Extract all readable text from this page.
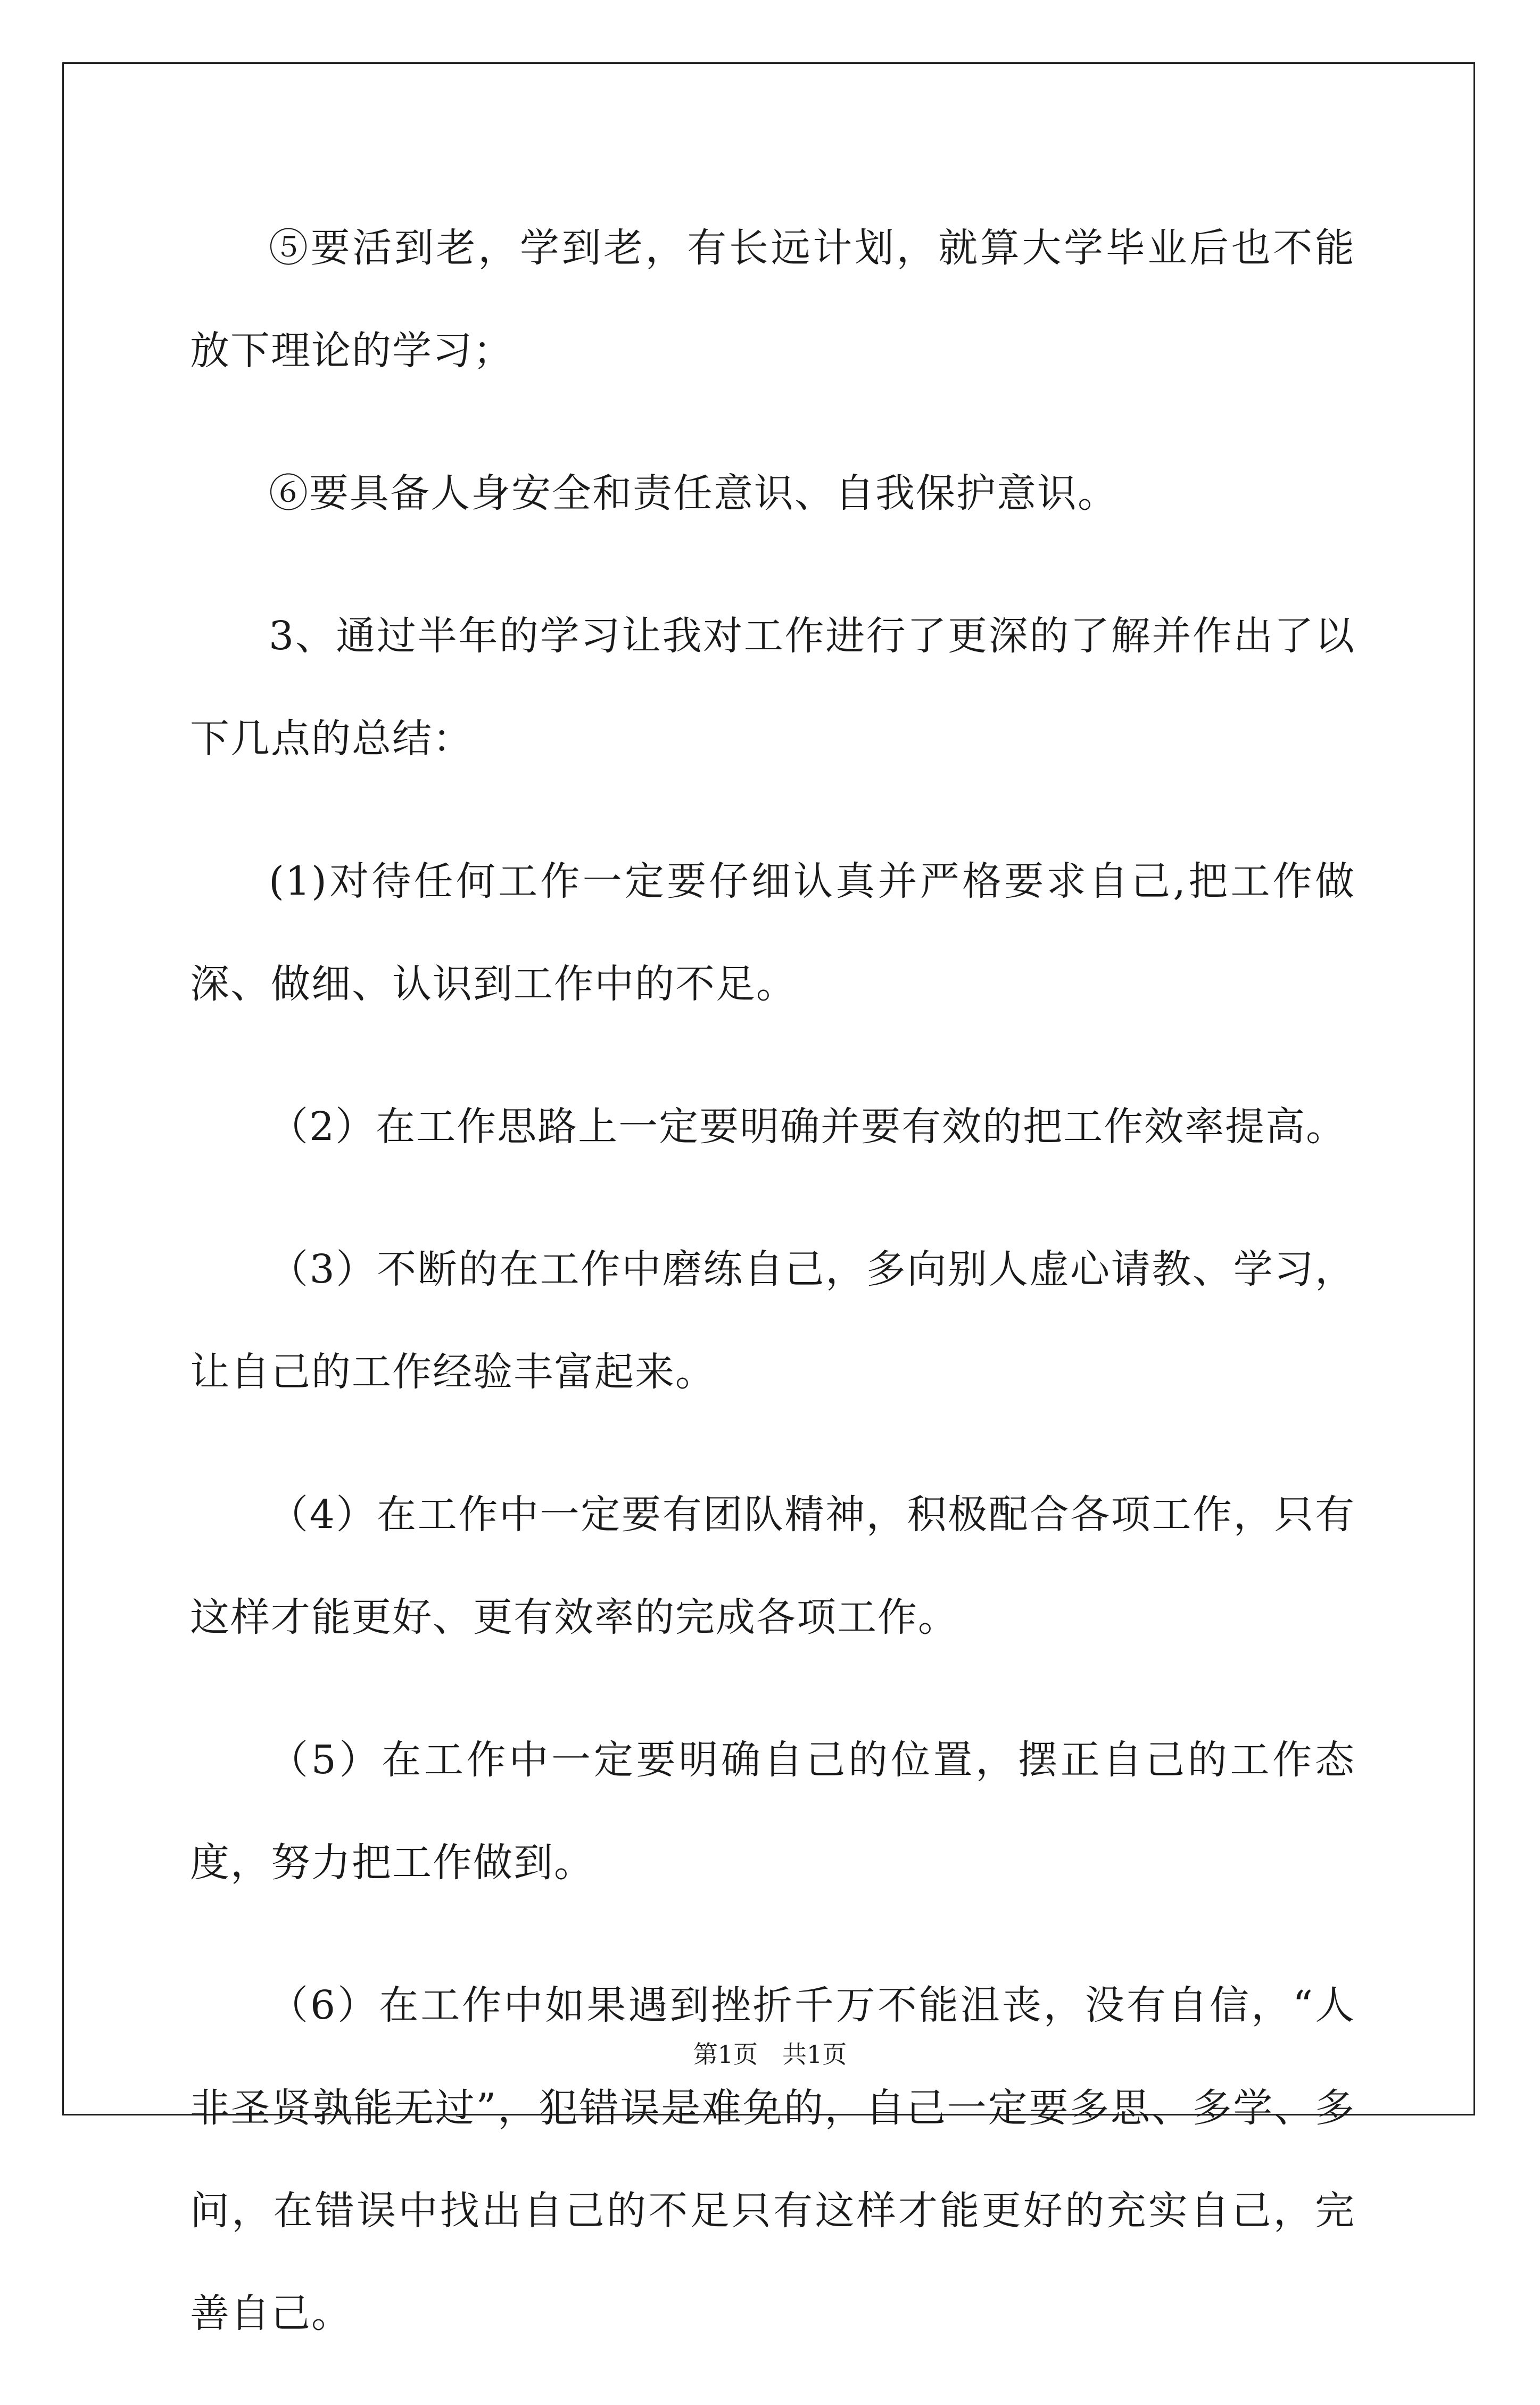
⑤要活到老，学到老，有长远计划，就算大学毕业后也不能放下理论的学习；

⑥要具备人身安全和责任意识、自我保护意识。

3、通过半年的学习让我对工作进行了更深的了解并作出了以下几点的总结：

(1)对待任何工作一定要仔细认真并严格要求自己,把工作做深、做细、认识到工作中的不足。

（2）在工作思路上一定要明确并要有效的把工作效率提高。

（3）不断的在工作中磨练自己，多向别人虚心请教、学习，让自己的工作经验丰富起来。

（4）在工作中一定要有团队精神，积极配合各项工作，只有这样才能更好、更有效率的完成各项工作。

（5）在工作中一定要明确自己的位置，摆正自己的工作态度，努力把工作做到。

（6）在工作中如果遇到挫折千万不能沮丧，没有自信，“人非圣贤孰能无过”，犯错误是难免的，自己一定要多思、多学、多问，在错误中找出自己的不足只有这样才能更好的充实自己，完善自己。

第1页 共1页
